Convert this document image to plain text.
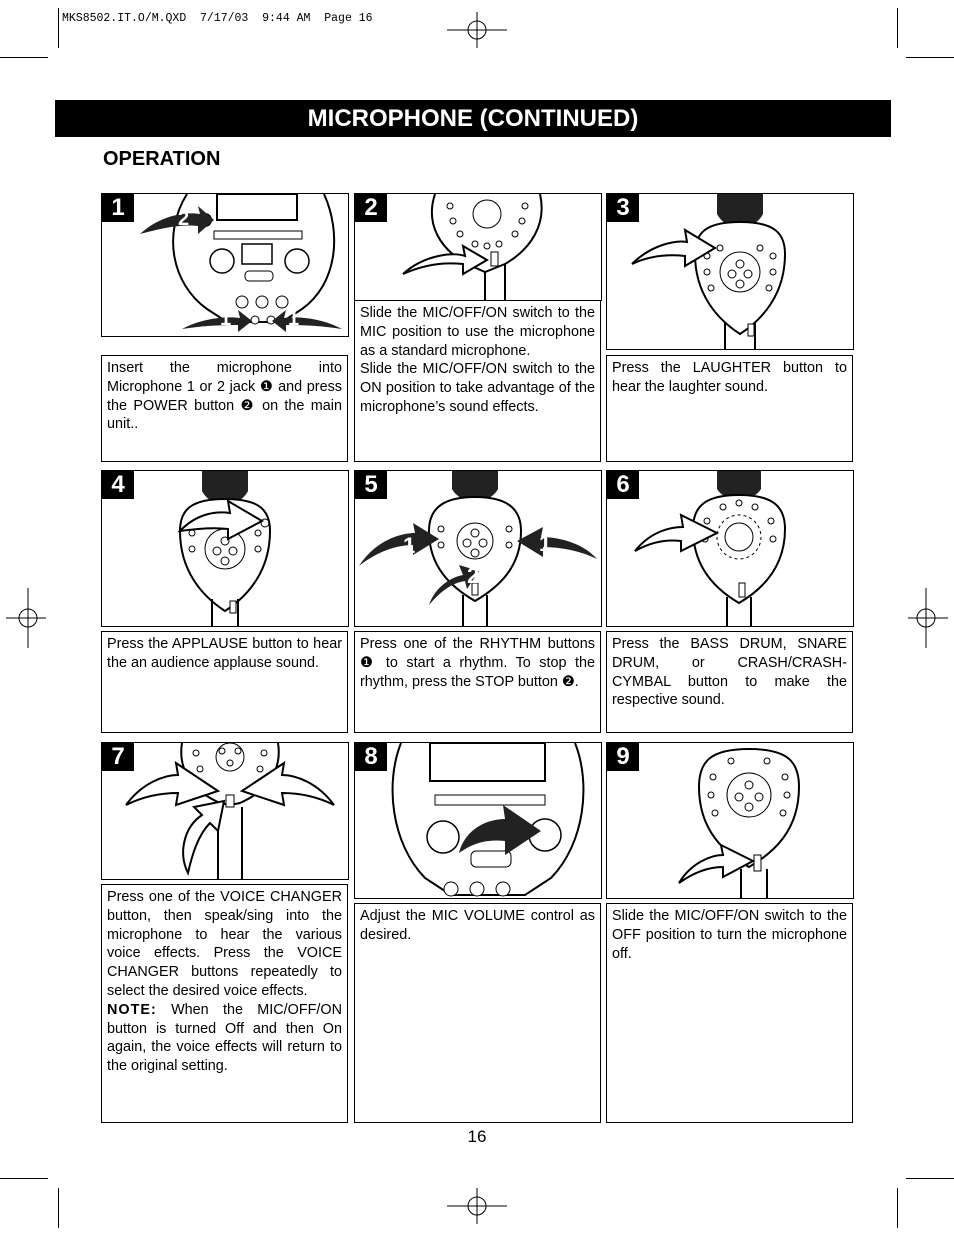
MKS8502.IT.O/M.QXD  7/17/03  9:44 AM  Page 16
MICROPHONE (CONTINUED)
OPERATION
1	2
1	1

Insert the microphone into Microphone 1 or 2 jack ❶ and press the POWER button ❷ on the main unit..

2

Slide the MIC/OFF/ON switch to the MIC position to use the microphone as a standard microphone.

Slide the MIC/OFF/ON switch to the ON position to take advantage of the microphone’s sound effects.

3

Press the LAUGHTER button to hear the laughter sound.

4

Press the APPLAUSE button to hear the an audience applause sound.

5
1	1
2

Press one of the RHYTHM buttons ❶ to start a rhythm. To stop the rhythm, press the STOP button ❷.

6

Press the BASS DRUM, SNARE DRUM, or CRASH/CRASH-CYMBAL button to make the respective sound.

7

Press one of the VOICE CHANGER button, then speak/sing into the microphone to hear the various voice effects. Press the VOICE CHANGER buttons repeatedly to select the desired voice effects.

NOTE: When the MIC/OFF/ON button is turned Off and then On again, the voice effects will return to the original setting.

8

Adjust the MIC VOLUME control as desired.

9

Slide the MIC/OFF/ON switch to the OFF position to turn the microphone off.

16
